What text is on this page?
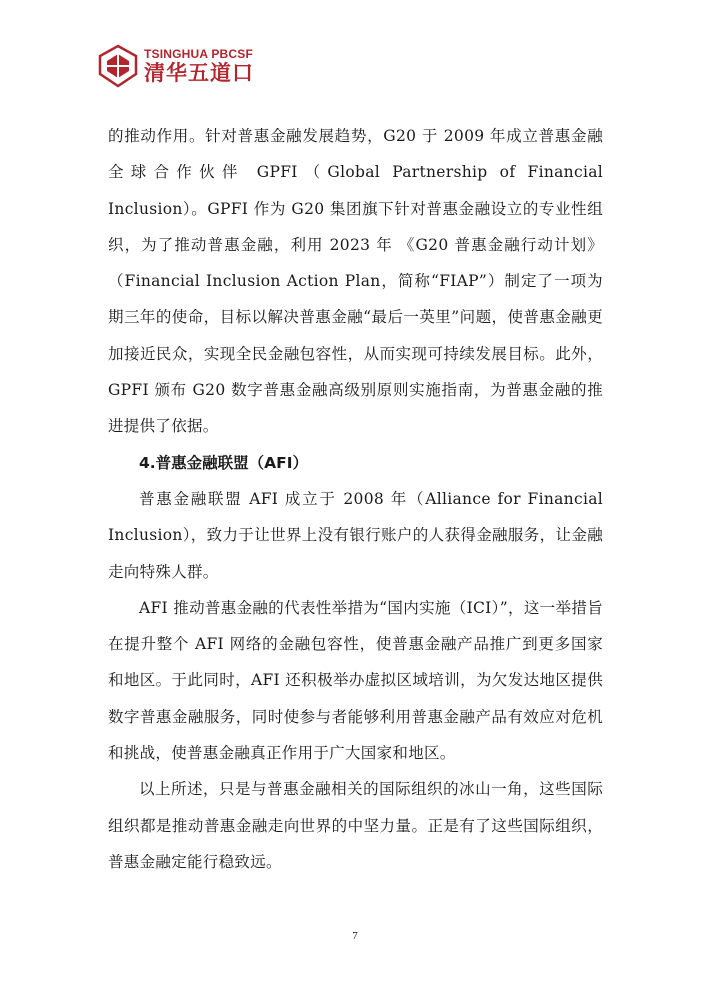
TSINGHUA PBCSF
清华五道口

的推动作用。针对普惠金融发展趋势，G20 于 2009 年成立普惠金融全球合作伙伴 GPFI（Global Partnership of Financial Inclusion）。GPFI 作为 G20 集团旗下针对普惠金融设立的专业性组织，为了推动普惠金融，利用 2023 年 《G20 普惠金融行动计划》（Financial Inclusion Action Plan，简称“FIAP”）制定了一项为期三年的使命，目标以解决普惠金融“最后一英里”问题，使普惠金融更加接近民众，实现全民金融包容性，从而实现可持续发展目标。此外，GPFI 颁布 G20 数字普惠金融高级别原则实施指南，为普惠金融的推进提供了依据。

4.普惠金融联盟（AFI）

普惠金融联盟 AFI 成立于 2008 年（Alliance for Financial Inclusion），致力于让世界上没有银行账户的人获得金融服务，让金融走向特殊人群。

AFI 推动普惠金融的代表性举措为“国内实施（ICI）”，这一举措旨在提升整个 AFI 网络的金融包容性，使普惠金融产品推广到更多国家和地区。于此同时，AFI 还积极举办虚拟区域培训，为欠发达地区提供数字普惠金融服务，同时使参与者能够利用普惠金融产品有效应对危机和挑战，使普惠金融真正作用于广大国家和地区。

以上所述，只是与普惠金融相关的国际组织的冰山一角，这些国际组织都是推动普惠金融走向世界的中坚力量。正是有了这些国际组织，普惠金融定能行稳致远。

7
